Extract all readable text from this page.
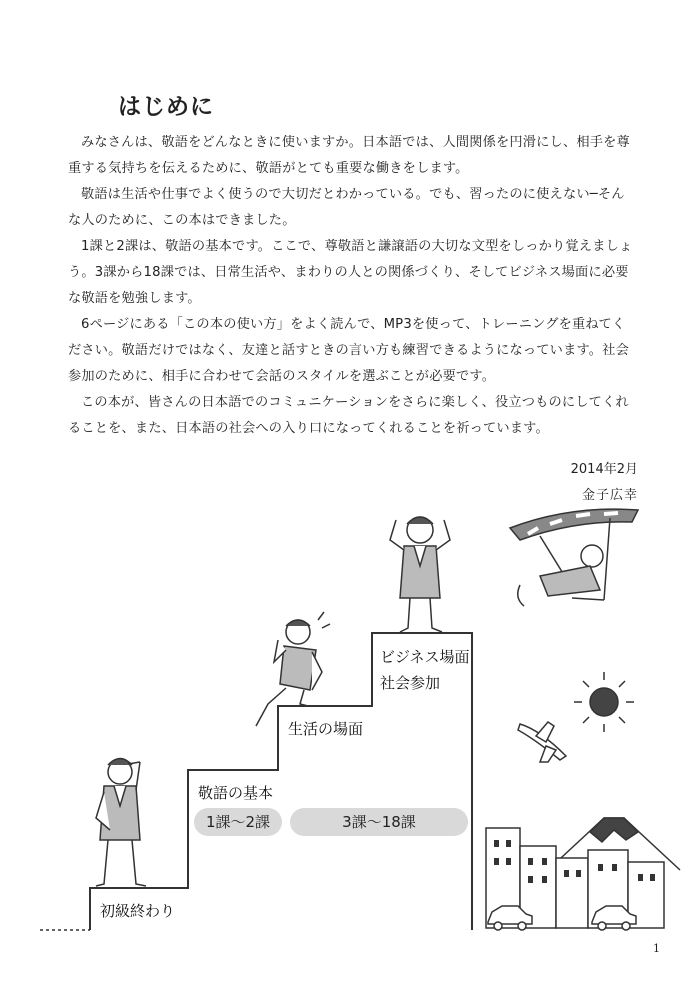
はじめに

みなさんは、敬語をどんなときに使いますか。日本語では、人間関係を円滑にし、相手を尊重する気持ちを伝えるために、敬語がとても重要な働きをします。

敬語は生活や仕事でよく使うので大切だとわかっている。でも、習ったのに使えない─そんな人のために、この本はできました。

1課と2課は、敬語の基本です。ここで、尊敬語と謙譲語の大切な文型をしっかり覚えましょう。3課から18課では、日常生活や、まわりの人との関係づくり、そしてビジネス場面に必要な敬語を勉強します。

6ページにある「この本の使い方」をよく読んで、MP3を使って、トレーニングを重ねてください。敬語だけではなく、友達と話すときの言い方も練習できるようになっています。社会参加のために、相手に合わせて会話のスタイルを選ぶことが必要です。

この本が、皆さんの日本語でのコミュニケーションをさらに楽しく、役立つものにしてくれることを、また、日本語の社会への入り口になってくれることを祈っています。

2014年2月
金子広幸
初級終わり
敬語の基本
生活の場面
ビジネス場面
社会参加
1課～2課	3課～18課
1
